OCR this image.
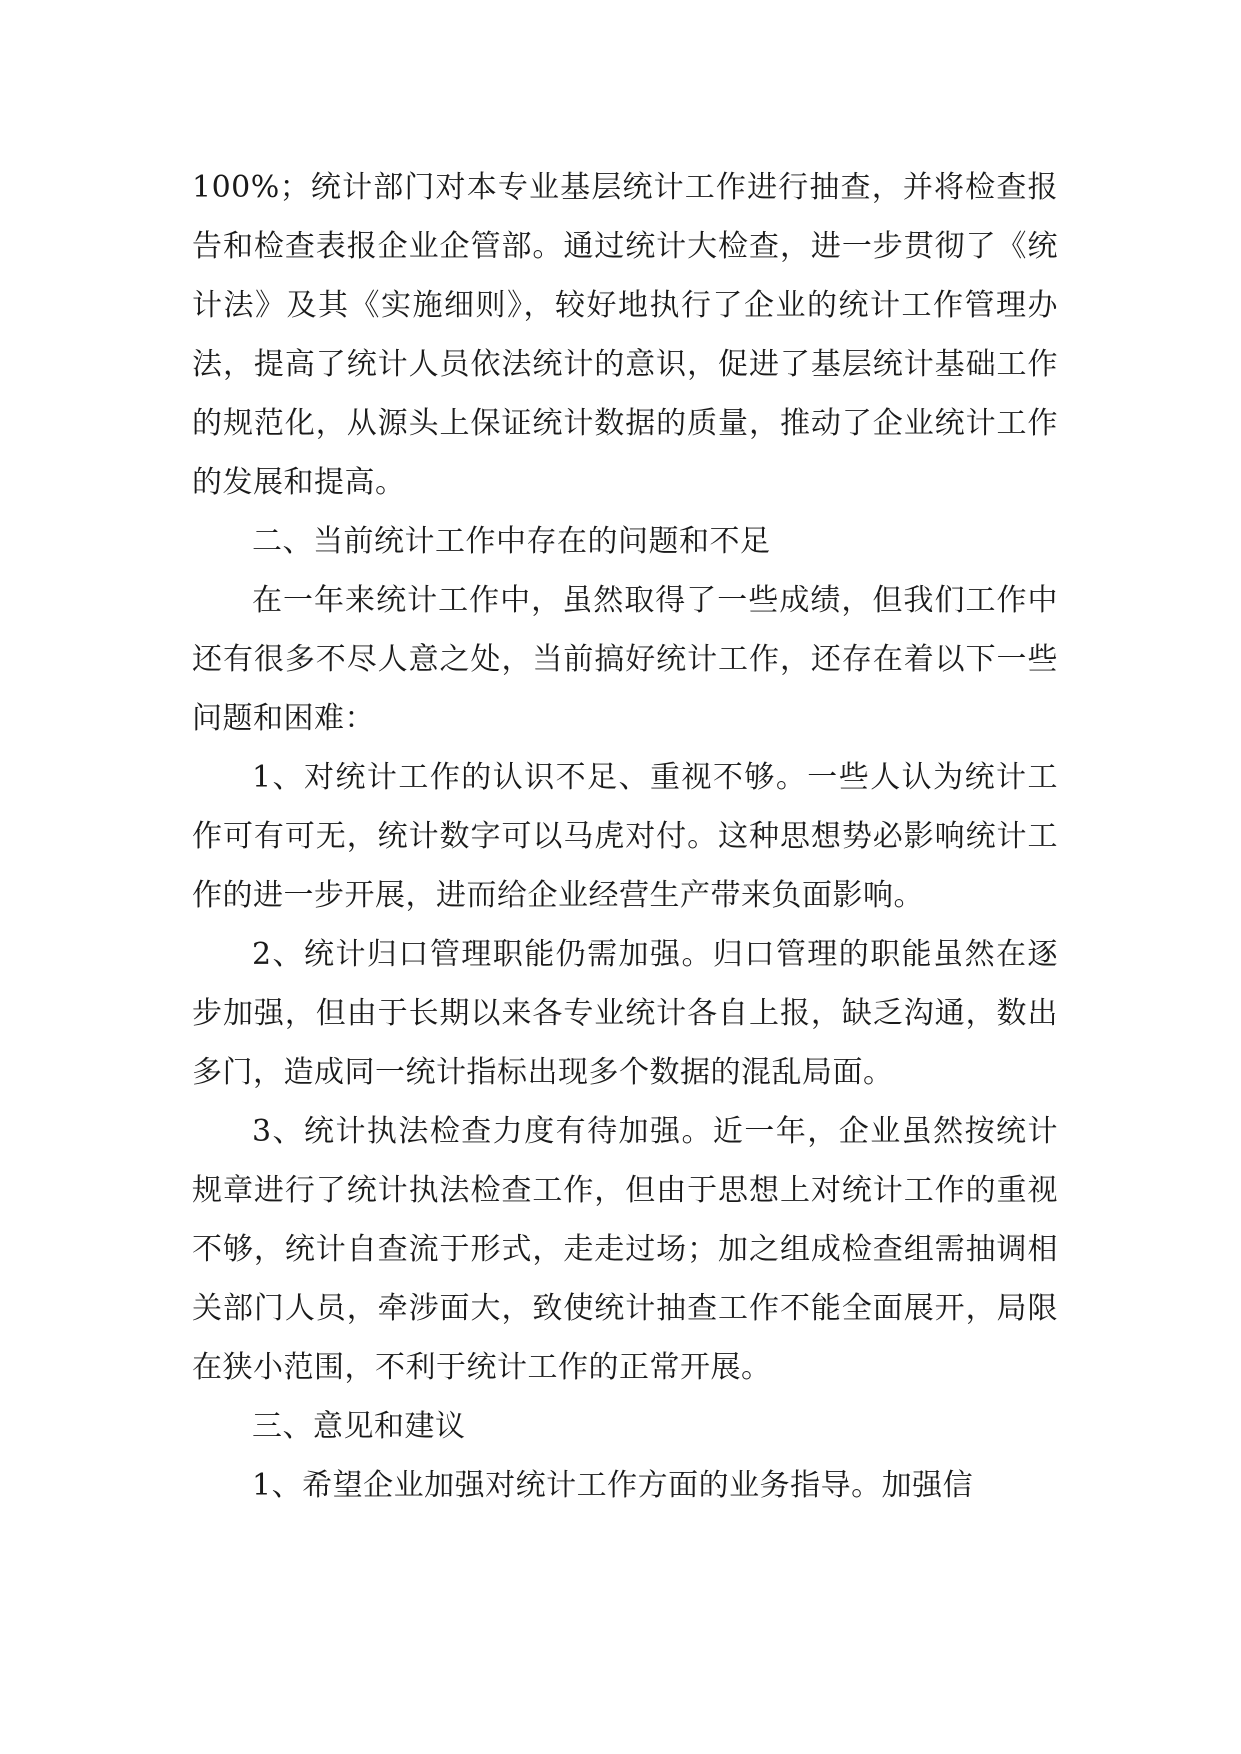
100%；统计部门对本专业基层统计工作进行抽查，并将检查报告和检查表报企业企管部。通过统计大检查，进一步贯彻了《统计法》及其《实施细则》，较好地执行了企业的统计工作管理办法，提高了统计人员依法统计的意识，促进了基层统计基础工作的规范化，从源头上保证统计数据的质量，推动了企业统计工作的发展和提高。

二、当前统计工作中存在的问题和不足

在一年来统计工作中，虽然取得了一些成绩，但我们工作中还有很多不尽人意之处，当前搞好统计工作，还存在着以下一些问题和困难：

1、对统计工作的认识不足、重视不够。一些人认为统计工作可有可无，统计数字可以马虎对付。这种思想势必影响统计工作的进一步开展，进而给企业经营生产带来负面影响。

2、统计归口管理职能仍需加强。归口管理的职能虽然在逐步加强，但由于长期以来各专业统计各自上报，缺乏沟通，数出多门，造成同一统计指标出现多个数据的混乱局面。

3、统计执法检查力度有待加强。近一年，企业虽然按统计规章进行了统计执法检查工作，但由于思想上对统计工作的重视不够，统计自查流于形式，走走过场；加之组成检查组需抽调相关部门人员，牵涉面大，致使统计抽查工作不能全面展开，局限在狭小范围，不利于统计工作的正常开展。

三、意见和建议

1、希望企业加强对统计工作方面的业务指导。加强信
